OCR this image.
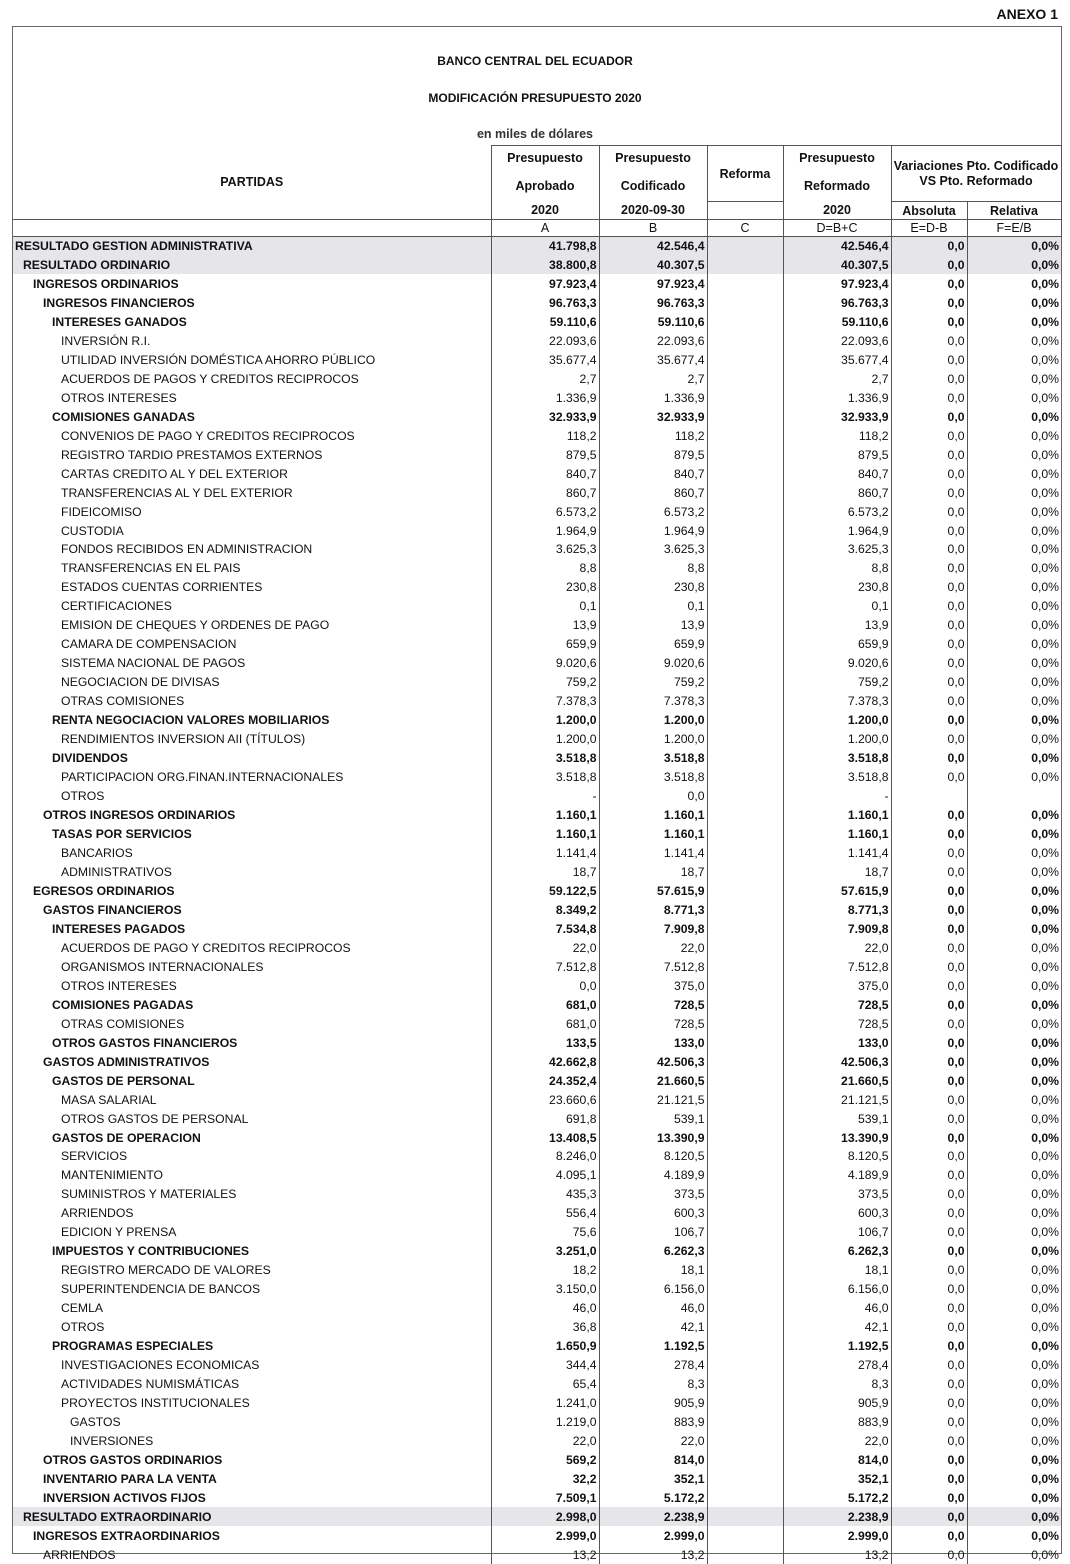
ANEXO 1
BANCO CENTRAL DEL ECUADOR
MODIFICACIÓN PRESUPUESTO 2020
en miles de dólares
PARTIDAS	Presupuesto	Presupuesto	Reforma	Presupuesto	Variaciones Pto. Codificado VS Pto. Reformado	
	Aprobado	Codificado		Reformado		
	2020	2020-09-30		2020	Absoluta	Relativa
	A	B	C	D=B+C	E=D-B	F=E/B
RESULTADO GESTION ADMINISTRATIVA	41.798,8	42.546,4		42.546,4	0,0	0,0%
RESULTADO ORDINARIO	38.800,8	40.307,5		40.307,5	0,0	0,0%
INGRESOS ORDINARIOS	97.923,4	97.923,4		97.923,4	0,0	0,0%
INGRESOS FINANCIEROS	96.763,3	96.763,3		96.763,3	0,0	0,0%
INTERESES GANADOS	59.110,6	59.110,6		59.110,6	0,0	0,0%
INVERSIÓN R.I.	22.093,6	22.093,6		22.093,6	0,0	0,0%
UTILIDAD INVERSIÓN DOMÉSTICA AHORRO PÚBLICO	35.677,4	35.677,4		35.677,4	0,0	0,0%
ACUERDOS DE PAGOS Y CREDITOS RECIPROCOS	2,7	2,7		2,7	0,0	0,0%
OTROS INTERESES	1.336,9	1.336,9		1.336,9	0,0	0,0%
COMISIONES GANADAS	32.933,9	32.933,9		32.933,9	0,0	0,0%
CONVENIOS DE PAGO Y CREDITOS RECIPROCOS	118,2	118,2		118,2	0,0	0,0%
REGISTRO TARDIO PRESTAMOS EXTERNOS	879,5	879,5		879,5	0,0	0,0%
CARTAS CREDITO AL Y DEL EXTERIOR	840,7	840,7		840,7	0,0	0,0%
TRANSFERENCIAS AL Y DEL EXTERIOR	860,7	860,7		860,7	0,0	0,0%
FIDEICOMISO	6.573,2	6.573,2		6.573,2	0,0	0,0%
CUSTODIA	1.964,9	1.964,9		1.964,9	0,0	0,0%
FONDOS RECIBIDOS EN ADMINISTRACION	3.625,3	3.625,3		3.625,3	0,0	0,0%
TRANSFERENCIAS EN EL PAIS	8,8	8,8		8,8	0,0	0,0%
ESTADOS CUENTAS CORRIENTES	230,8	230,8		230,8	0,0	0,0%
CERTIFICACIONES	0,1	0,1		0,1	0,0	0,0%
EMISION DE CHEQUES Y ORDENES DE PAGO	13,9	13,9		13,9	0,0	0,0%
CAMARA DE COMPENSACION	659,9	659,9		659,9	0,0	0,0%
SISTEMA NACIONAL DE PAGOS	9.020,6	9.020,6		9.020,6	0,0	0,0%
NEGOCIACION DE DIVISAS	759,2	759,2		759,2	0,0	0,0%
OTRAS COMISIONES	7.378,3	7.378,3		7.378,3	0,0	0,0%
RENTA NEGOCIACION VALORES MOBILIARIOS	1.200,0	1.200,0		1.200,0	0,0	0,0%
RENDIMIENTOS INVERSION AII (TÍTULOS)	1.200,0	1.200,0		1.200,0	0,0	0,0%
DIVIDENDOS	3.518,8	3.518,8		3.518,8	0,0	0,0%
PARTICIPACION ORG.FINAN.INTERNACIONALES	3.518,8	3.518,8		3.518,8	0,0	0,0%
OTROS	-	0,0		-		
OTROS INGRESOS ORDINARIOS	1.160,1	1.160,1		1.160,1	0,0	0,0%
TASAS POR SERVICIOS	1.160,1	1.160,1		1.160,1	0,0	0,0%
BANCARIOS	1.141,4	1.141,4		1.141,4	0,0	0,0%
ADMINISTRATIVOS	18,7	18,7		18,7	0,0	0,0%
EGRESOS ORDINARIOS	59.122,5	57.615,9		57.615,9	0,0	0,0%
GASTOS FINANCIEROS	8.349,2	8.771,3		8.771,3	0,0	0,0%
INTERESES PAGADOS	7.534,8	7.909,8		7.909,8	0,0	0,0%
ACUERDOS DE PAGO Y CREDITOS RECIPROCOS	22,0	22,0		22,0	0,0	0,0%
ORGANISMOS INTERNACIONALES	7.512,8	7.512,8		7.512,8	0,0	0,0%
OTROS INTERESES	0,0	375,0		375,0	0,0	0,0%
COMISIONES PAGADAS	681,0	728,5		728,5	0,0	0,0%
OTRAS COMISIONES	681,0	728,5		728,5	0,0	0,0%
OTROS GASTOS FINANCIEROS	133,5	133,0		133,0	0,0	0,0%
GASTOS ADMINISTRATIVOS	42.662,8	42.506,3		42.506,3	0,0	0,0%
GASTOS DE PERSONAL	24.352,4	21.660,5		21.660,5	0,0	0,0%
MASA SALARIAL	23.660,6	21.121,5		21.121,5	0,0	0,0%
OTROS GASTOS DE PERSONAL	691,8	539,1		539,1	0,0	0,0%
GASTOS DE OPERACION	13.408,5	13.390,9		13.390,9	0,0	0,0%
SERVICIOS	8.246,0	8.120,5		8.120,5	0,0	0,0%
MANTENIMIENTO	4.095,1	4.189,9		4.189,9	0,0	0,0%
SUMINISTROS Y MATERIALES	435,3	373,5		373,5	0,0	0,0%
ARRIENDOS	556,4	600,3		600,3	0,0	0,0%
EDICION Y PRENSA	75,6	106,7		106,7	0,0	0,0%
IMPUESTOS Y CONTRIBUCIONES	3.251,0	6.262,3		6.262,3	0,0	0,0%
REGISTRO MERCADO DE VALORES	18,2	18,1		18,1	0,0	0,0%
SUPERINTENDENCIA DE BANCOS	3.150,0	6.156,0		6.156,0	0,0	0,0%
CEMLA	46,0	46,0		46,0	0,0	0,0%
OTROS	36,8	42,1		42,1	0,0	0,0%
PROGRAMAS ESPECIALES	1.650,9	1.192,5		1.192,5	0,0	0,0%
INVESTIGACIONES ECONOMICAS	344,4	278,4		278,4	0,0	0,0%
ACTIVIDADES NUMISMÁTICAS	65,4	8,3		8,3	0,0	0,0%
PROYECTOS INSTITUCIONALES	1.241,0	905,9		905,9	0,0	0,0%
GASTOS	1.219,0	883,9		883,9	0,0	0,0%
INVERSIONES	22,0	22,0		22,0	0,0	0,0%
OTROS GASTOS ORDINARIOS	569,2	814,0		814,0	0,0	0,0%
INVENTARIO PARA LA VENTA	32,2	352,1		352,1	0,0	0,0%
INVERSION ACTIVOS FIJOS	7.509,1	5.172,2		5.172,2	0,0	0,0%
RESULTADO EXTRAORDINARIO	2.998,0	2.238,9		2.238,9	0,0	0,0%
INGRESOS EXTRAORDINARIOS	2.999,0	2.999,0		2.999,0	0,0	0,0%
ARRIENDOS	13,2	13,2		13,2	0,0	0,0%
